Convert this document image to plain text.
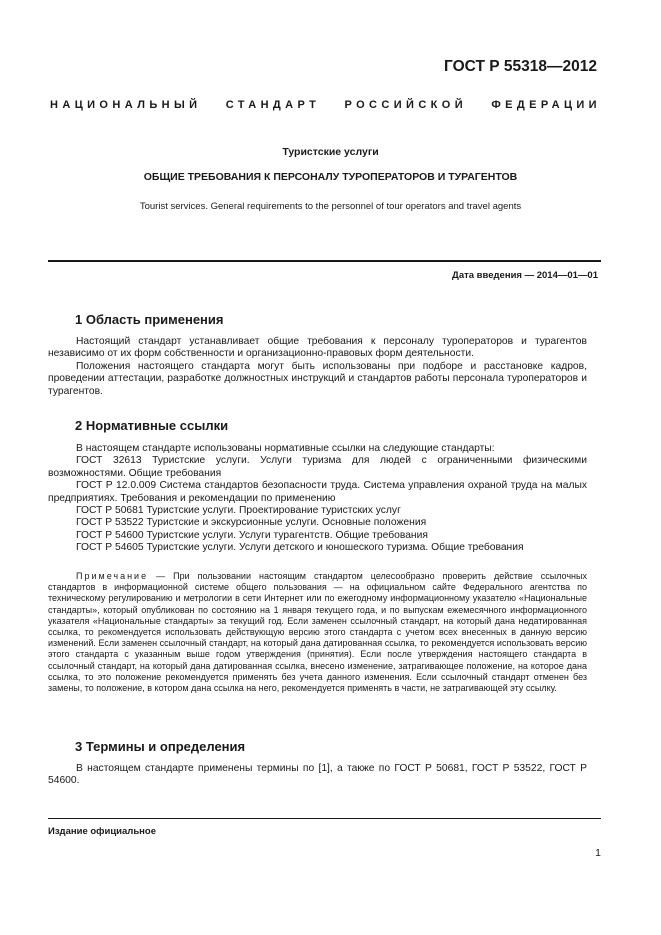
ГОСТ Р 55318—2012
НАЦИОНАЛЬНЫЙ СТАНДАРТ РОССИЙСКОЙ ФЕДЕРАЦИИ
Туристские услуги
ОБЩИЕ ТРЕБОВАНИЯ К ПЕРСОНАЛУ ТУРОПЕРАТОРОВ И ТУРАГЕНТОВ
Tourist services. General requirements to the personnel of tour operators and travel agents
Дата введения — 2014—01—01
1 Область применения

Настоящий стандарт устанавливает общие требования к персоналу туроператоров и турагентов независимо от их форм собственности и организационно-правовых форм деятельности.

Положения настоящего стандарта могут быть использованы при подборе и расстановке кадров, проведении аттестации, разработке должностных инструкций и стандартов работы персонала туроператоров и турагентов.

2 Нормативные ссылки

В настоящем стандарте использованы нормативные ссылки на следующие стандарты:

ГОСТ 32613 Туристские услуги. Услуги туризма для людей с ограниченными физическими возможностями. Общие требования

ГОСТ Р 12.0.009 Система стандартов безопасности труда. Система управления охраной труда на малых предприятиях. Требования и рекомендации по применению

ГОСТ Р 50681 Туристские услуги. Проектирование туристских услуг

ГОСТ Р 53522 Туристские и экскурсионные услуги. Основные положения

ГОСТ Р 54600 Туристские услуги. Услуги турагентств. Общие требования

ГОСТ Р 54605 Туристские услуги. Услуги детского и юношеского туризма. Общие требования

Примечание — При пользовании настоящим стандартом целесообразно проверить действие ссылочных стандартов в информационной системе общего пользования — на официальном сайте Федерального агентства по техническому регулированию и метрологии в сети Интернет или по ежегодному информационному указателю «Национальные стандарты», который опубликован по состоянию на 1 января текущего года, и по выпускам ежемесячного информационного указателя «Национальные стандарты» за текущий год. Если заменен ссылочный стандарт, на который дана недатированная ссылка, то рекомендуется использовать действующую версию этого стандарта с учетом всех внесенных в данную версию изменений. Если заменен ссылочный стандарт, на который дана датированная ссылка, то рекомендуется использовать версию этого стандарта с указанным выше годом утверждения (принятия). Если после утверждения настоящего стандарта в ссылочный стандарт, на который дана датированная ссылка, внесено изменение, затрагивающее положение, на которое дана ссылка, то это положение рекомендуется применять без учета данного изменения. Если ссылочный стандарт отменен без замены, то положение, в котором дана ссылка на него, рекомендуется применять в части, не затрагивающей эту ссылку.

3 Термины и определения

В настоящем стандарте применены термины по [1], а также по ГОСТ Р 50681, ГОСТ Р 53522, ГОСТ Р 54600.

Издание официальное
1
